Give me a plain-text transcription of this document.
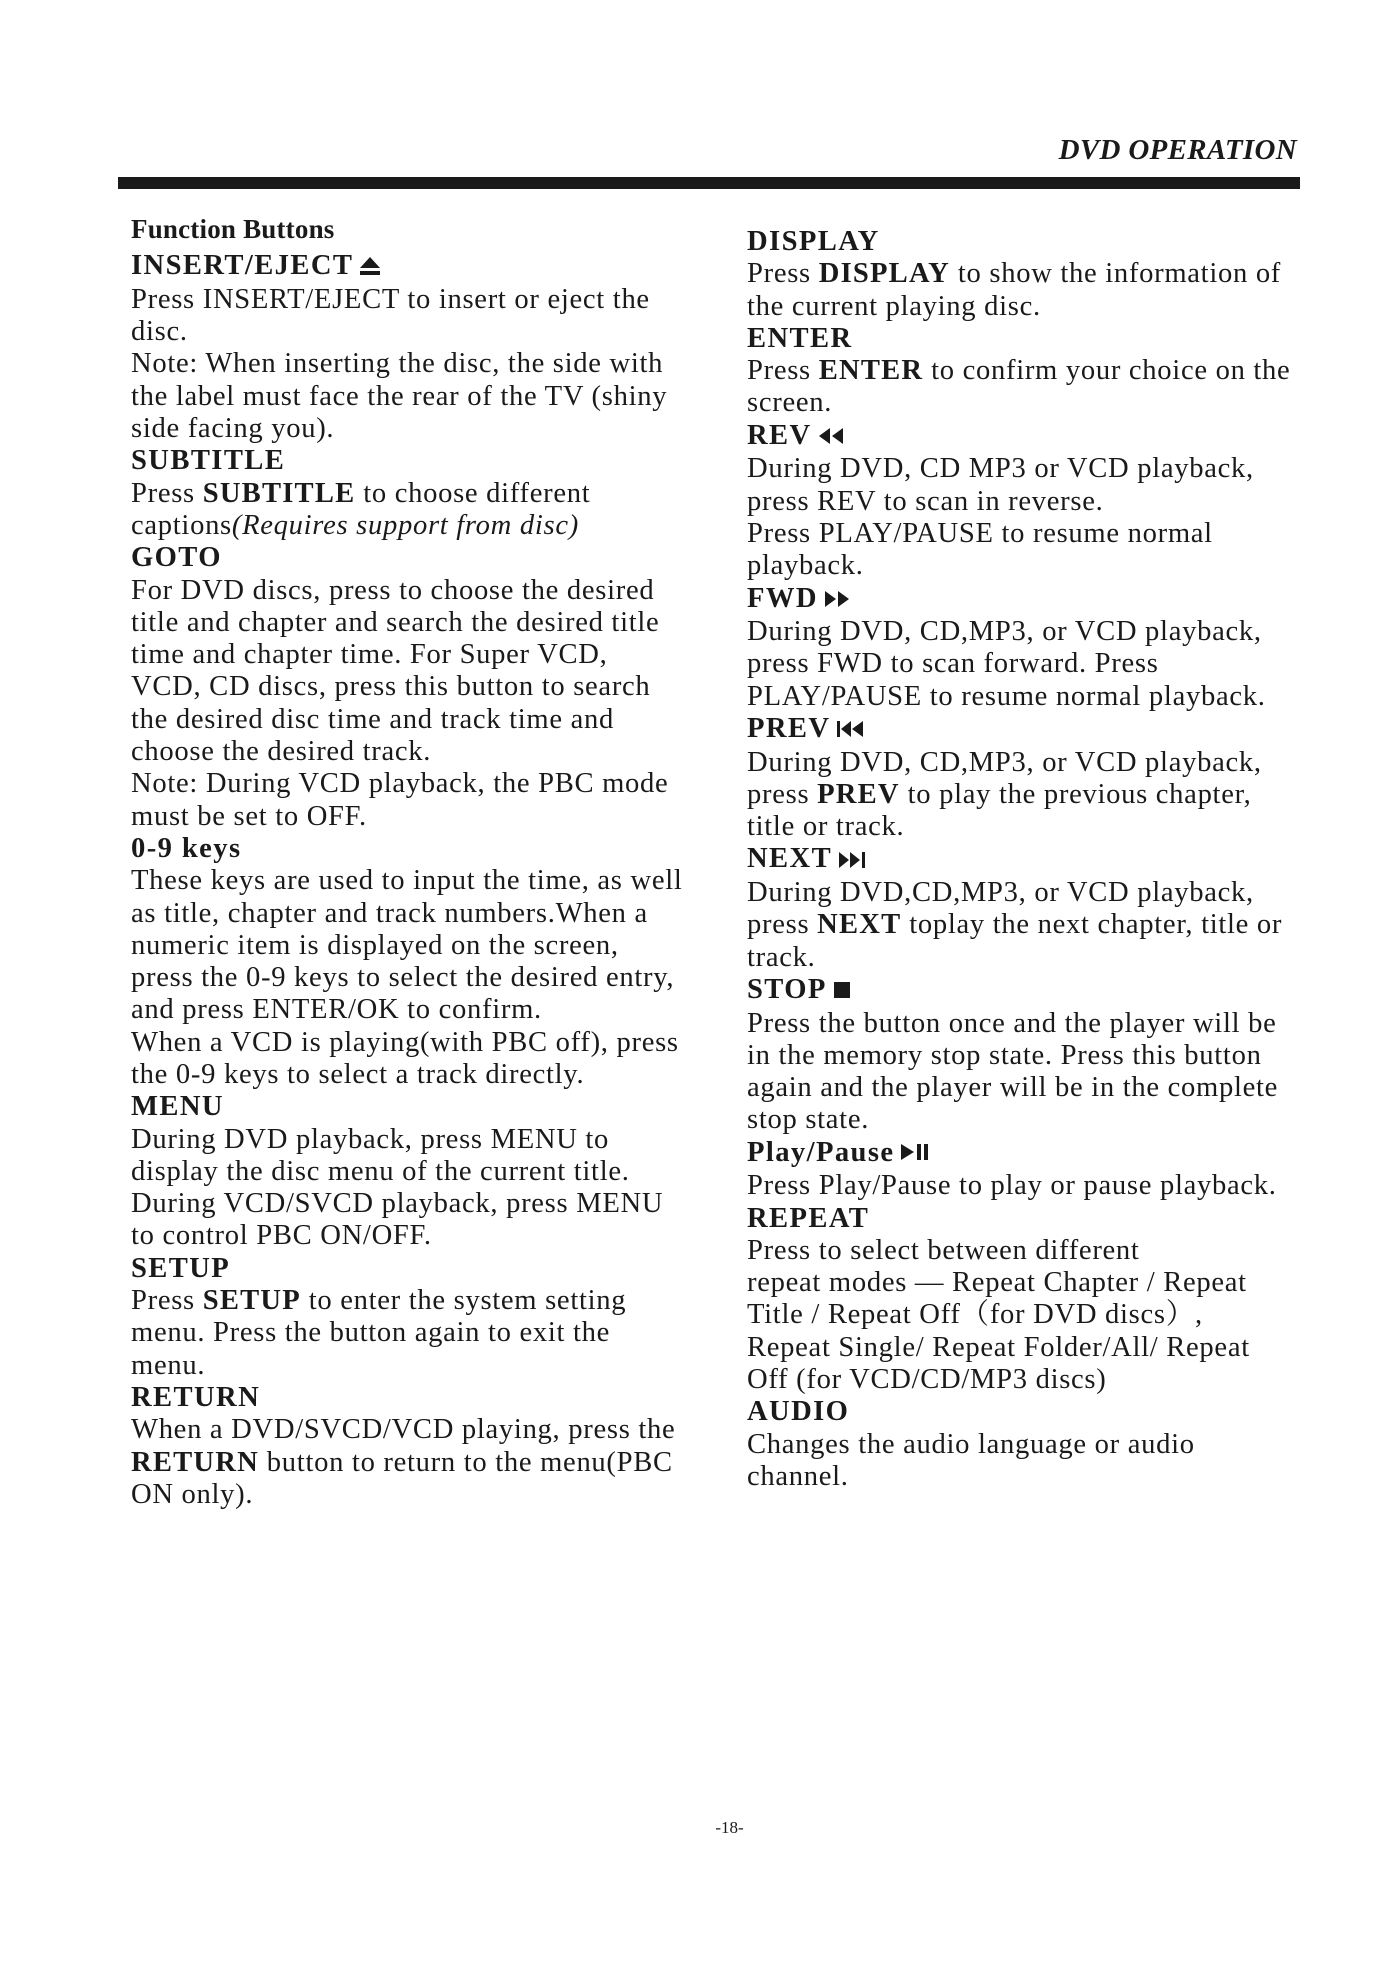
DVD OPERATION
Function Buttons
INSERT/EJECT
Press INSERT/EJECT to insert or eject the
disc.
Note: When inserting the disc, the side with
the label must face the rear of the TV (shiny
side facing you).
SUBTITLE
Press SUBTITLE to choose different
captions(Requires support from disc)
GOTO
For DVD discs, press to choose the desired
title and chapter and search the desired title
time and chapter time. For Super VCD,
VCD, CD discs, press this button to search
the desired disc time and track time and
choose the desired track.
Note: During VCD playback, the PBC mode
must be set to OFF.
0-9 keys
These keys are used to input the time, as well
as title, chapter and track numbers.When a
numeric item is displayed on the screen,
press the 0-9 keys to select the desired entry,
and press ENTER/OK to confirm.
When a VCD is playing(with PBC off), press
the 0-9 keys to select a track directly.
MENU
During DVD playback, press MENU to
display the disc menu of the current title.
During VCD/SVCD playback, press MENU
to control PBC ON/OFF.
SETUP
Press SETUP to enter the system setting
menu. Press the button again to exit the
menu.
RETURN
When a DVD/SVCD/VCD playing, press the
RETURN button to return to the menu(PBC
ON only).
DISPLAY
Press DISPLAY to show the information of
the current playing disc.
ENTER
Press ENTER to confirm your choice on the
screen.
REV
During DVD, CD MP3 or VCD playback,
press REV to scan in reverse.
Press PLAY/PAUSE to resume normal
playback.
FWD
During DVD, CD,MP3, or VCD playback,
press FWD to scan forward. Press
PLAY/PAUSE to resume normal playback.
PREV
During DVD, CD,MP3, or VCD playback,
press PREV to play the previous chapter,
title or track.
NEXT
During DVD,CD,MP3, or VCD playback,
press NEXT toplay the next chapter, title or
track.
STOP
Press the button once and the player will be
in the memory stop state. Press this button
again and the player will be in the complete
stop state.
Play/Pause
Press Play/Pause to play or pause playback.
REPEAT
Press to select between different
repeat modes — Repeat Chapter / Repeat
Title / Repeat Off（for DVD discs）,
Repeat Single/ Repeat Folder/All/ Repeat
Off (for VCD/CD/MP3 discs)
AUDIO
Changes the audio language or audio
channel.
-18-
